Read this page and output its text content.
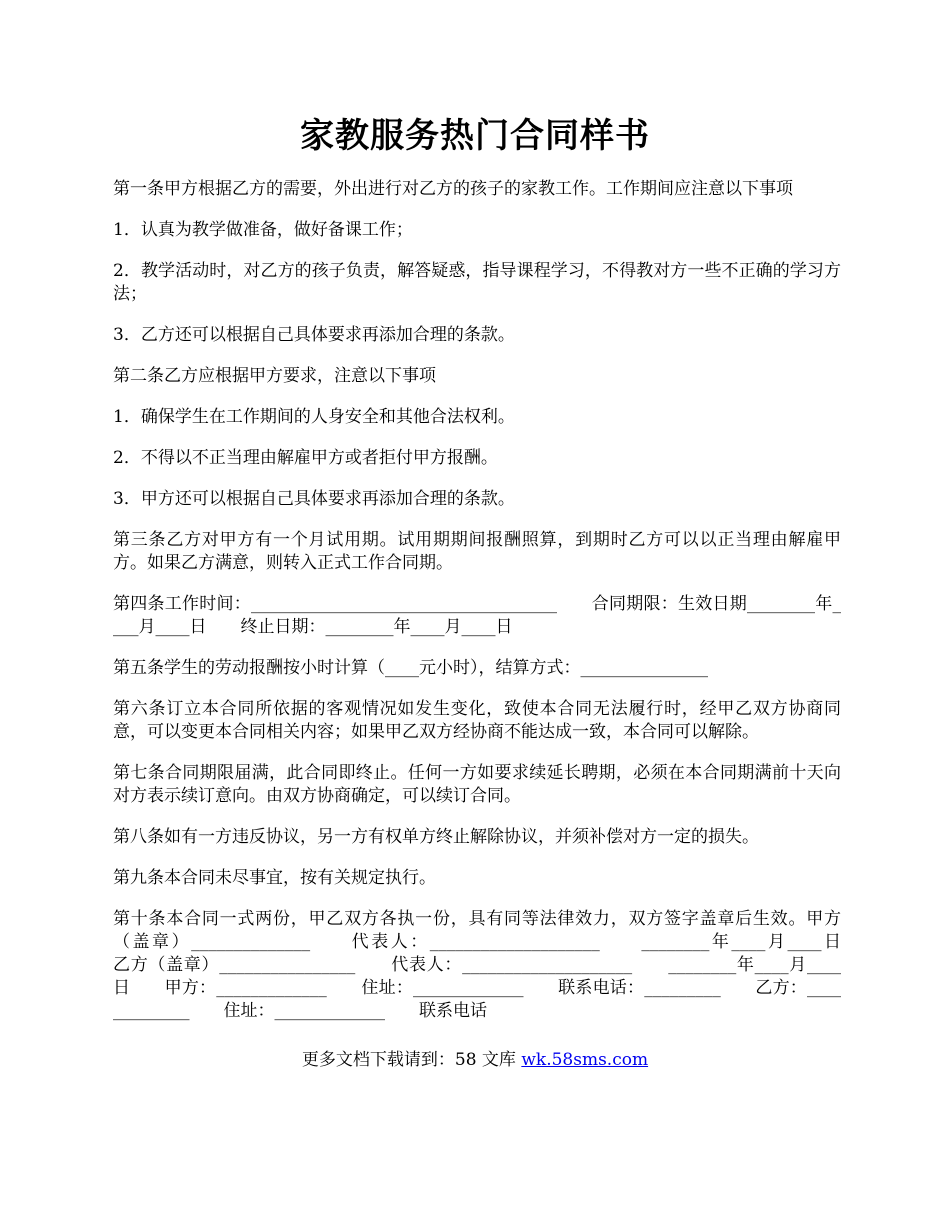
家教服务热门合同样书

第一条甲方根据乙方的需要，外出进行对乙方的孩子的家教工作。工作期间应注意以下事项

1．认真为教学做准备，做好备课工作；

2．教学活动时，对乙方的孩子负责，解答疑惑，指导课程学习，不得教对方一些不正确的学习方法；

3．乙方还可以根据自己具体要求再添加合理的条款。

第二条乙方应根据甲方要求，注意以下事项

1．确保学生在工作期间的人身安全和其他合法权利。

2．不得以不正当理由解雇甲方或者拒付甲方报酬。

3．甲方还可以根据自己具体要求再添加合理的条款。

第三条乙方对甲方有一个月试用期。试用期期间报酬照算，到期时乙方可以以正当理由解雇甲方。如果乙方满意，则转入正式工作合同期。

第四条工作时间：____________________________________　　合同期限：生效日期________年____月____日　　终止日期：________年____月____日

第五条学生的劳动报酬按小时计算（____元小时），结算方式：_______________

第六条订立本合同所依据的客观情况如发生变化，致使本合同无法履行时，经甲乙双方协商同意，可以变更本合同相关内容；如果甲乙双方经协商不能达成一致，本合同可以解除。

第七条合同期限届满，此合同即终止。任何一方如要求续延长聘期，必须在本合同期满前十天向对方表示续订意向。由双方协商确定，可以续订合同。

第八条如有一方违反协议，另一方有权单方终止解除协议，并须补偿对方一定的损失。

第九条本合同未尽事宜，按有关规定执行。

第十条本合同一式两份，甲乙双方各执一份，具有同等法律效力，双方签字盖章后生效。甲方（盖章）______________　　代表人：____________________　　________年____月____日　　乙方（盖章）________________　　代表人：____________________　　________年____月____日　　甲方：_____________　　住址：_____________　　联系电话：_________　　乙方：_____________　　住址：_____________　　联系电话

更多文档下载请到：58 文库 wk.58sms.com
